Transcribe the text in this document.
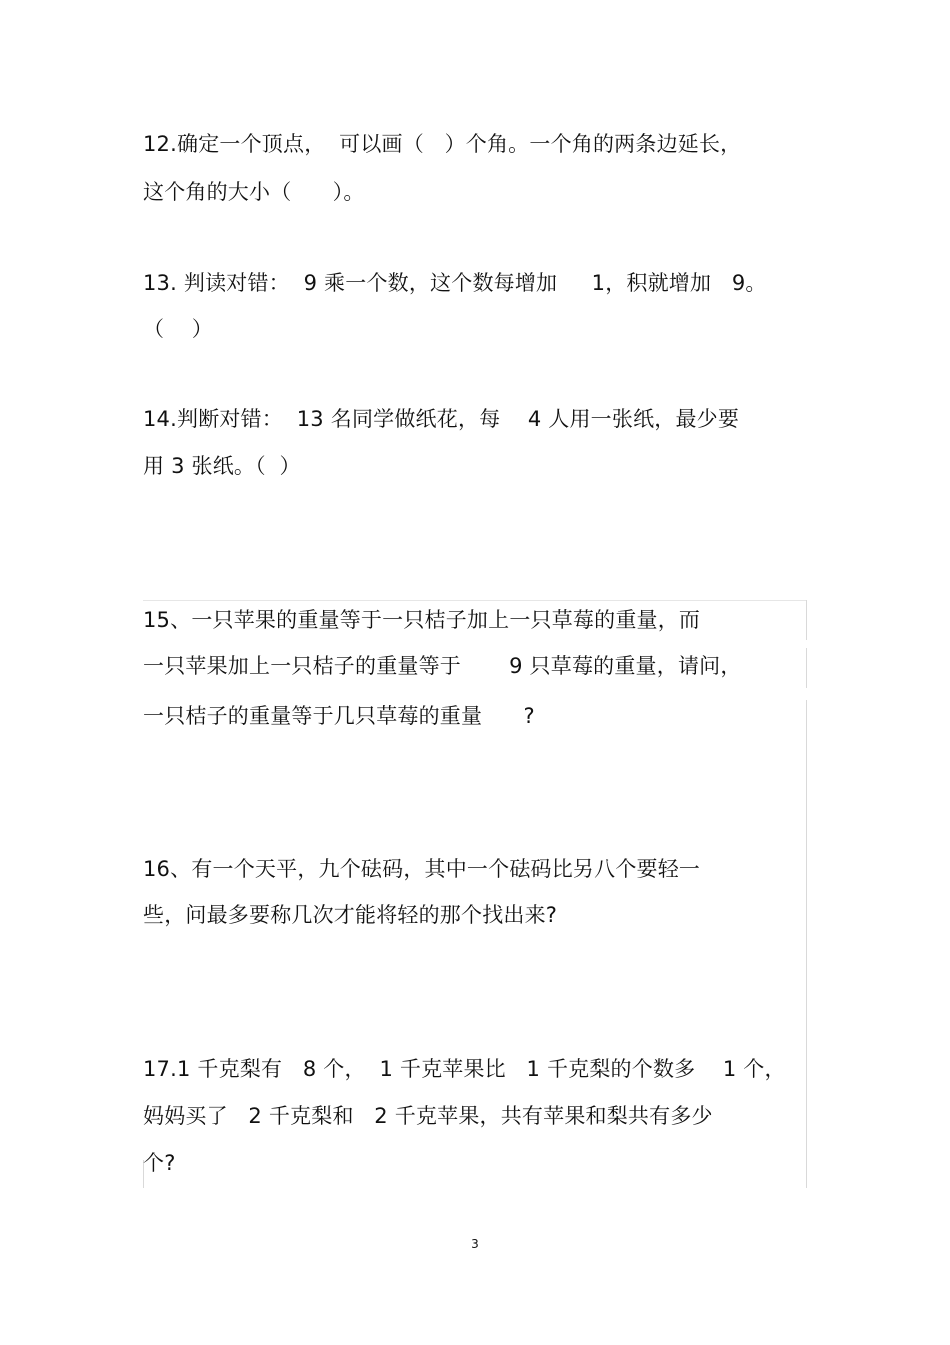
12.确定一个顶点，  可以画（   ）个角。一个角的两条边延长，
这个角的大小（      ）。
13. 判读对错：  9 乘一个数，这个数每增加     1，积就增加   9。
（    ）
14.判断对错：  13 名同学做纸花，每    4 人用一张纸，最少要
用 3 张纸。（  ）
15、一只苹果的重量等于一只桔子加上一只草莓的重量，而
一只苹果加上一只桔子的重量等于       9 只草莓的重量，请问，
一只桔子的重量等于几只草莓的重量      ?
16、有一个天平，九个砝码，其中一个砝码比另八个要轻一
些，问最多要称几次才能将轻的那个找出来?
17.1 千克梨有   8 个，  1 千克苹果比   1 千克梨的个数多    1 个，
妈妈买了   2 千克梨和   2 千克苹果，共有苹果和梨共有多少
个?
3
